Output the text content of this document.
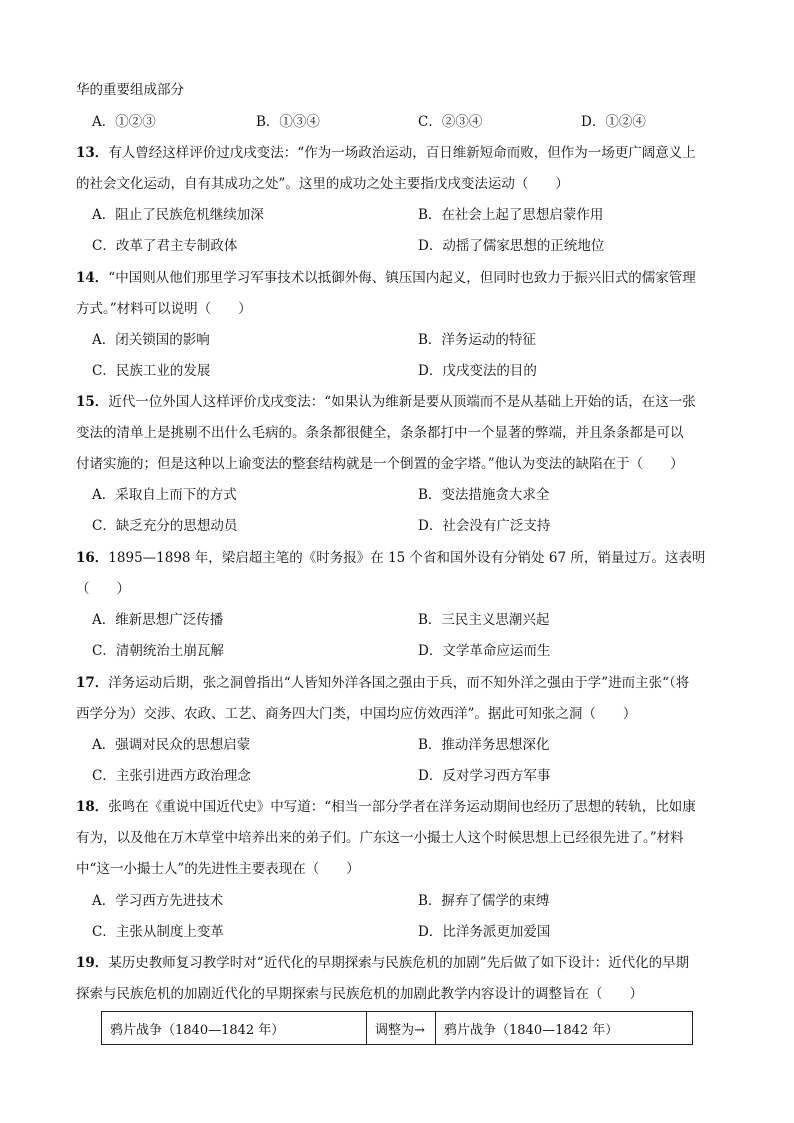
华的重要组成部分
A．①②③	B．①③④	C．②③④	D．①②④
13．有人曾经这样评价过戊戌变法：“作为一场政治运动，百日维新短命而败，但作为一场更广阔意义上
的社会文化运动，自有其成功之处”。这里的成功之处主要指戊戌变法运动（　　）
A．阻止了民族危机继续加深	B．在社会上起了思想启蒙作用
C．改革了君主专制政体	D．动摇了儒家思想的正统地位
14．“中国则从他们那里学习军事技术以抵御外侮、镇压国内起义，但同时也致力于振兴旧式的儒家管理
方式。”材料可以说明（　　）
A．闭关锁国的影响	B．洋务运动的特征
C．民族工业的发展	D．戊戌变法的目的
15．近代一位外国人这样评价戊戌变法：“如果认为维新是要从顶端而不是从基础上开始的话，在这一张
变法的清单上是挑剔不出什么毛病的。条条都很健全，条条都打中一个显著的弊端，并且条条都是可以
付诸实施的；但是这种以上谕变法的整套结构就是一个倒置的金字塔。”他认为变法的缺陷在于（　　）
A．采取自上而下的方式	B．变法措施贪大求全
C．缺乏充分的思想动员	D．社会没有广泛支持
16．1895—1898 年，梁启超主笔的《时务报》在 15 个省和国外设有分销处 67 所，销量过万。这表明
（　　）
A．维新思想广泛传播	B．三民主义思潮兴起
C．清朝统治土崩瓦解	D．文学革命应运而生
17．洋务运动后期，张之洞曾指出“人皆知外洋各国之强由于兵，而不知外洋之强由于学”进而主张“（将
西学分为）交涉、农政、工艺、商务四大门类，中国均应仿效西洋”。据此可知张之洞（　　）
A．强调对民众的思想启蒙	B．推动洋务思想深化
C．主张引进西方政治理念	D．反对学习西方军事
18．张鸣在《重说中国近代史》中写道：“相当一部分学者在洋务运动期间也经历了思想的转轨，比如康
有为，以及他在万木草堂中培养出来的弟子们。广东这一小撮士人这个时候思想上已经很先进了。”材料
中“这一小撮士人”的先进性主要表现在（　　）
A．学习西方先进技术	B．摒弃了儒学的束缚
C．主张从制度上变革	D．比洋务派更加爱国
19．某历史教师复习教学时对“近代化的早期探索与民族危机的加剧”先后做了如下设计：近代化的早期
探索与民族危机的加剧近代化的早期探索与民族危机的加剧此教学内容设计的调整旨在（　　）
鸦片战争（1840—1842 年）	调整为→	鸦片战争（1840—1842 年）
